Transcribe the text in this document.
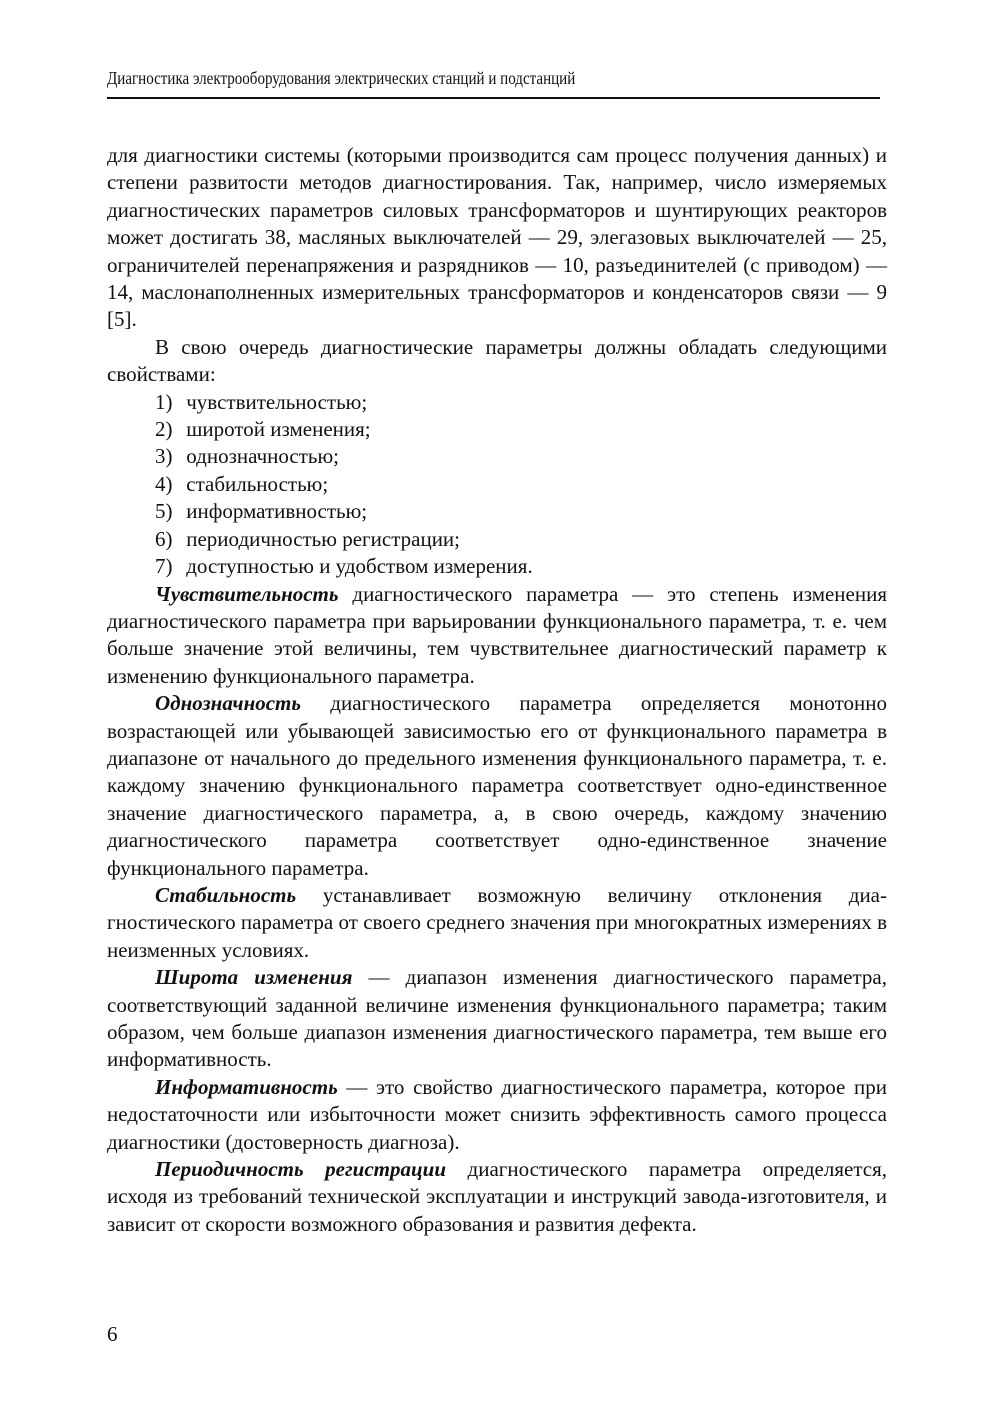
Диагностика электрооборудования электрических станций и подстанций

для диагностики системы (которыми производится сам процесс получения данных) и степени развитости методов диагностирования. Так, например, число измеряемых диагностических параметров силовых трансформаторов и шунтирующих реакторов может достигать 38, масляных выключателей — 29, элегазовых выключателей — 25, ограничителей перенапряжения и разрядников — 10, разъединителей (с приводом) — 14, маслонаполненных измерительных трансформаторов и конденсаторов связи — 9 [5].

В свою очередь диагностические параметры должны обладать следующими свойствами:

1) чувствительностью;
2) широтой изменения;
3) однозначностью;
4) стабильностью;
5) информативностью;
6) периодичностью регистрации;
7) доступностью и удобством измерения.

Чувствительность диагностического параметра — это степень изменения диагностического параметра при варьировании функционального параметра, т. е. чем больше значение этой величины, тем чувствительнее диагностический параметр к изменению функционального параметра.

Однозначность диагностического параметра определяется монотонно возрастающей или убывающей зависимостью его от функционального параметра в диапазоне от начального до предельного изменения функционального параметра, т. е. каждому значению функционального параметра соответствует одно-единственное значение диагностического параметра, а, в свою очередь, каждому значению диагностического параметра соответствует одно-единственное значение функционального параметра.

Стабильность устанавливает возможную величину отклонения диагностического параметра от своего среднего значения при многократных измерениях в неизменных условиях.

Широта изменения — диапазон изменения диагностического параметра, соответствующий заданной величине изменения функционального параметра; таким образом, чем больше диапазон изменения диагностического параметра, тем выше его информативность.

Информативность — это свойство диагностического параметра, которое при недостаточности или избыточности может снизить эффективность самого процесса диагностики (достоверность диагноза).

Периодичность регистрации диагностического параметра определяется, исходя из требований технической эксплуатации и инструкций завода-изготовителя, и зависит от скорости возможного образования и развития дефекта.

6
